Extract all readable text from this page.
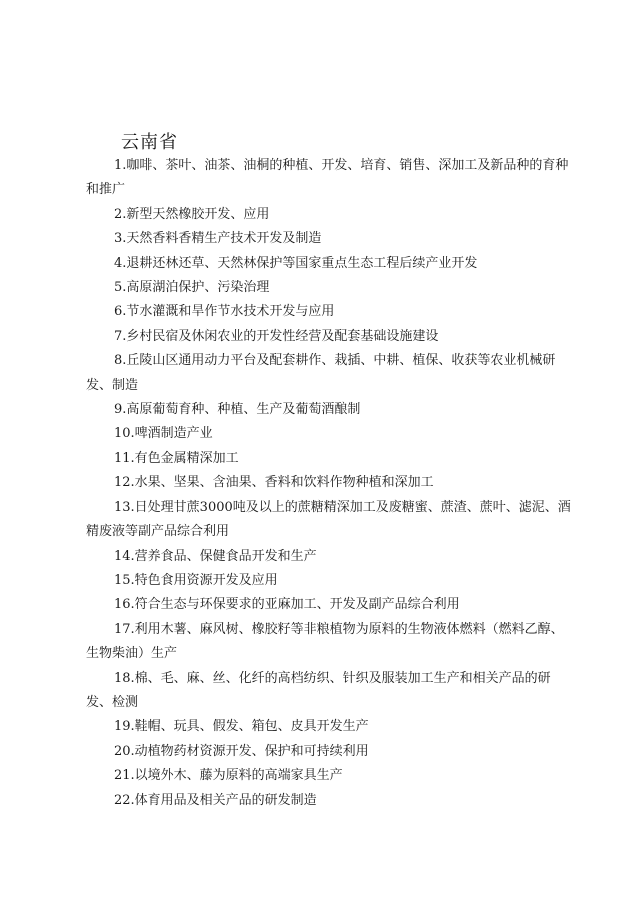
云南省
1.咖啡、茶叶、油茶、油桐的种植、开发、培育、销售、深加工及新品种的育种和推广
2.新型天然橡胶开发、应用
3.天然香料香精生产技术开发及制造
4.退耕还林还草、天然林保护等国家重点生态工程后续产业开发
5.高原湖泊保护、污染治理
6.节水灌溉和旱作节水技术开发与应用
7.乡村民宿及休闲农业的开发性经营及配套基础设施建设
8.丘陵山区通用动力平台及配套耕作、栽插、中耕、植保、收获等农业机械研发、制造
9.高原葡萄育种、种植、生产及葡萄酒酿制
10.啤酒制造产业
11.有色金属精深加工
12.水果、坚果、含油果、香料和饮料作物种植和深加工
13.日处理甘蔗3000吨及以上的蔗糖精深加工及废糖蜜、蔗渣、蔗叶、滤泥、酒精废液等副产品综合利用
14.营养食品、保健食品开发和生产
15.特色食用资源开发及应用
16.符合生态与环保要求的亚麻加工、开发及副产品综合利用
17.利用木薯、麻风树、橡胶籽等非粮植物为原料的生物液体燃料（燃料乙醇、生物柴油）生产
18.棉、毛、麻、丝、化纤的高档纺织、针织及服装加工生产和相关产品的研发、检测
19.鞋帽、玩具、假发、箱包、皮具开发生产
20.动植物药材资源开发、保护和可持续利用
21.以境外木、藤为原料的高端家具生产
22.体育用品及相关产品的研发制造
